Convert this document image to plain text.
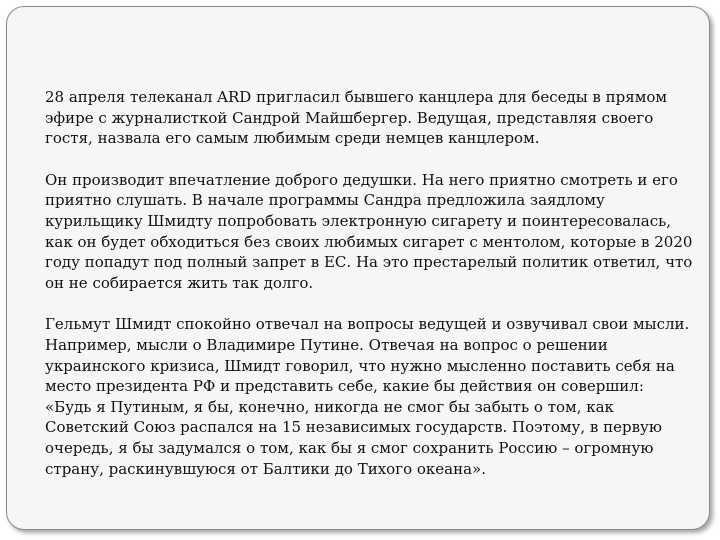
28 апреля телеканал ARD пригласил бывшего канцлера для беседы в прямом эфире с журналисткой Сандрой Майшбергер. Ведущая, представляя своего гостя, назвала его самым любимым среди немцев канцлером.

Он производит впечатление доброго дедушки. На него приятно смотреть и его приятно слушать. В начале программы Сандра предложила заядлому курильщику Шмидту попробовать электронную сигарету и поинтересовалась, как он будет обходиться без своих любимых сигарет с ментолом, которые в 2020 году попадут под полный запрет в ЕС. На это престарелый политик ответил, что он не собирается жить так долго.

Гельмут Шмидт спокойно отвечал на вопросы ведущей и озвучивал свои мысли. Например, мысли о Владимире Путине. Отвечая на вопрос о решении украинского кризиса, Шмидт говорил, что нужно мысленно поставить себя на место президента РФ и представить себе, какие бы действия он совершил: «Будь я Путиным, я бы, конечно, никогда не смог бы забыть о том, как Советский Союз распался на 15 независимых государств. Поэтому, в первую очередь, я бы задумался о том, как бы я смог сохранить Россию – огромную страну, раскинувшуюся от Балтики до Тихого океана».
